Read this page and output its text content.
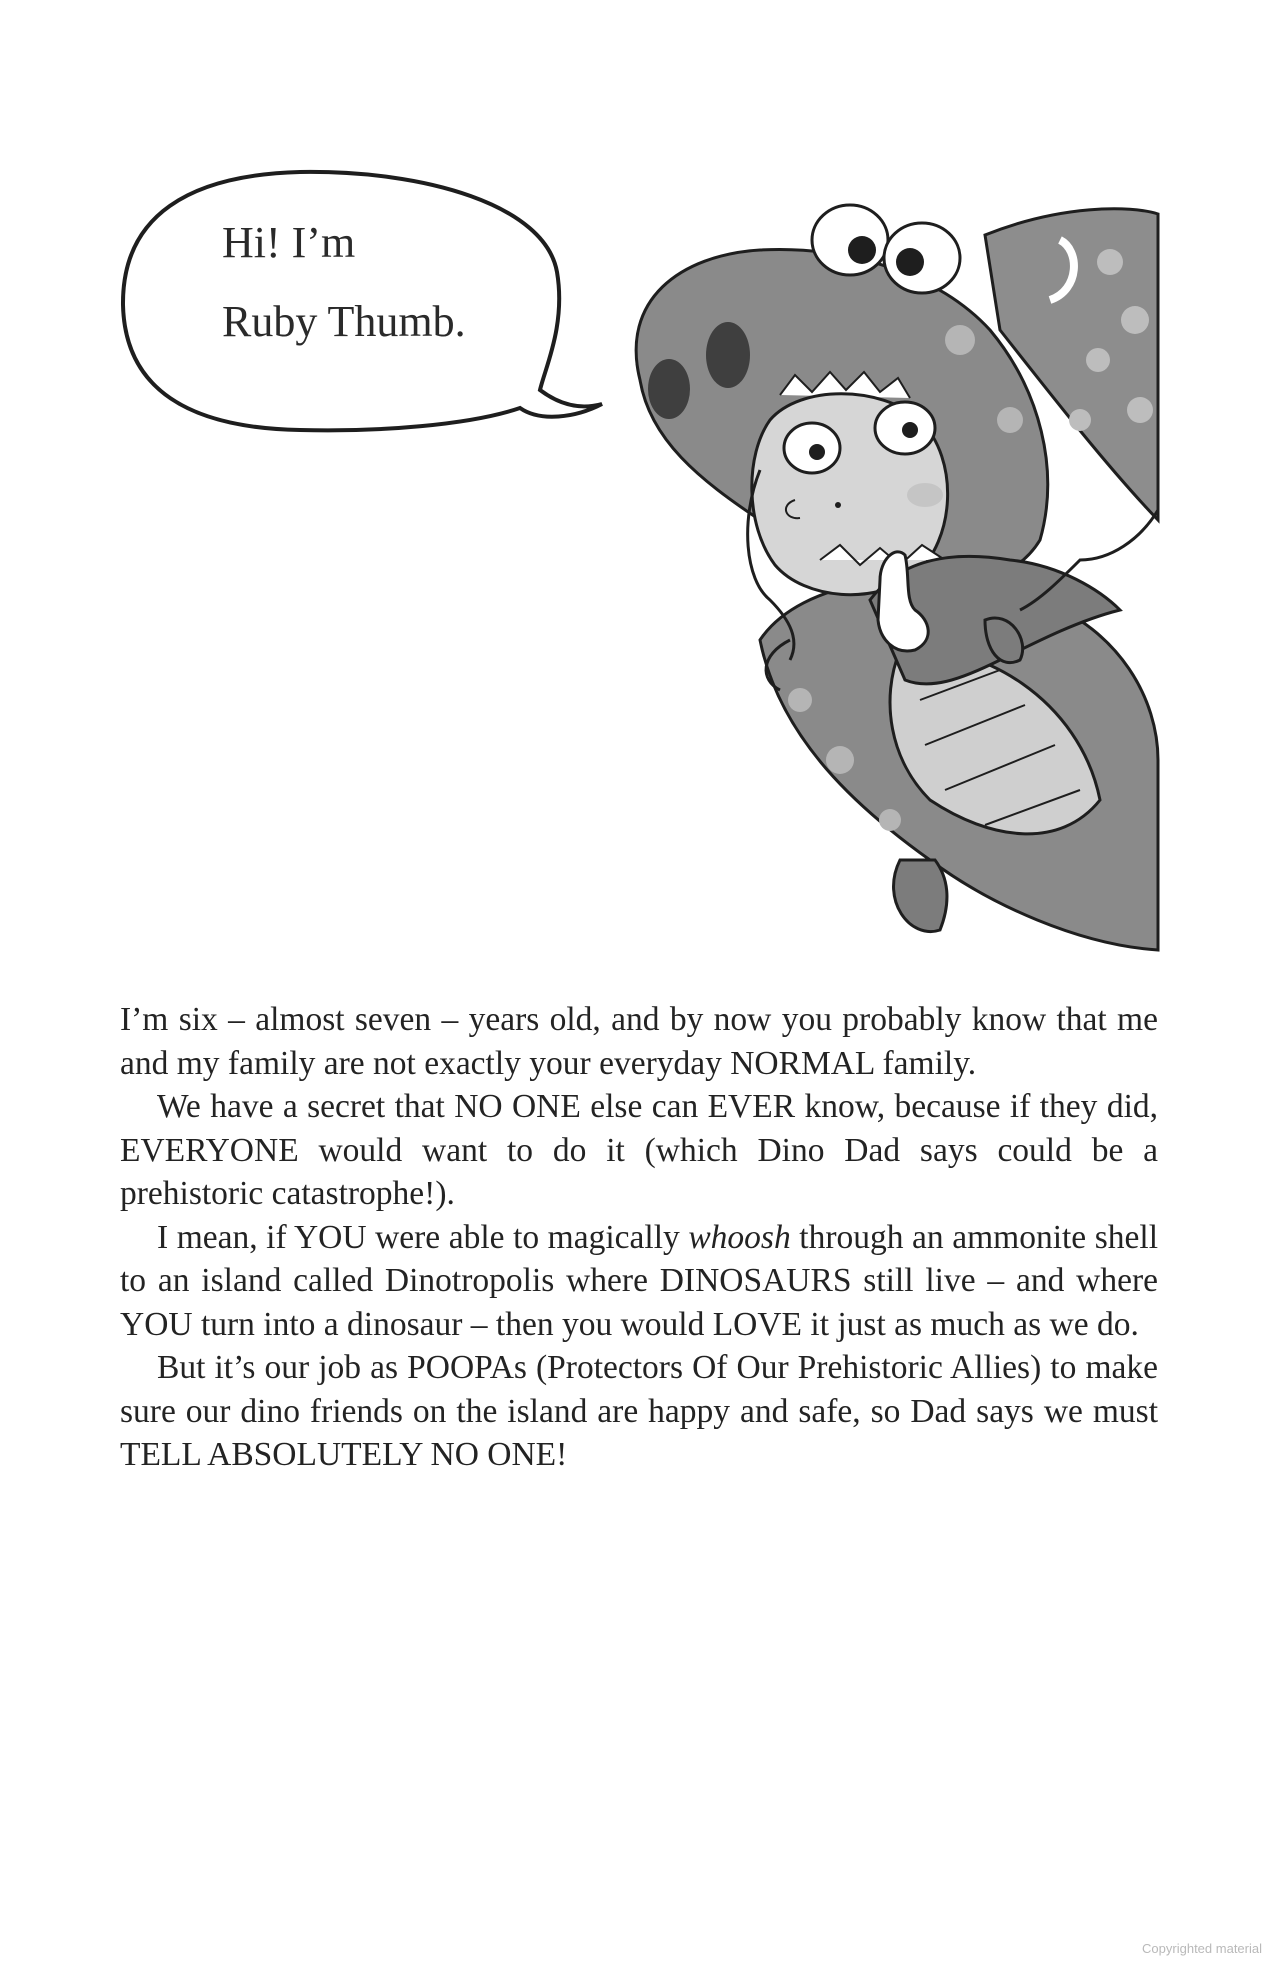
Hi! I’m
Ruby Thumb.

I’m six – almost seven – years old, and by now you probably know that me and my family are not exactly your everyday NORMAL family.

We have a secret that NO ONE else can EVER know, because if they did, EVERYONE would want to do it (which Dino Dad says could be a prehistoric catastrophe!).

I mean, if YOU were able to magically whoosh through an ammonite shell to an island called Dinotropolis where DINOSAURS still live – and where YOU turn into a dinosaur – then you would LOVE it just as much as we do.

But it’s our job as POOPAs (Protectors Of Our Prehistoric Allies) to make sure our dino friends on the island are happy and safe, so Dad says we must TELL ABSOLUTELY NO ONE!

Copyrighted material
